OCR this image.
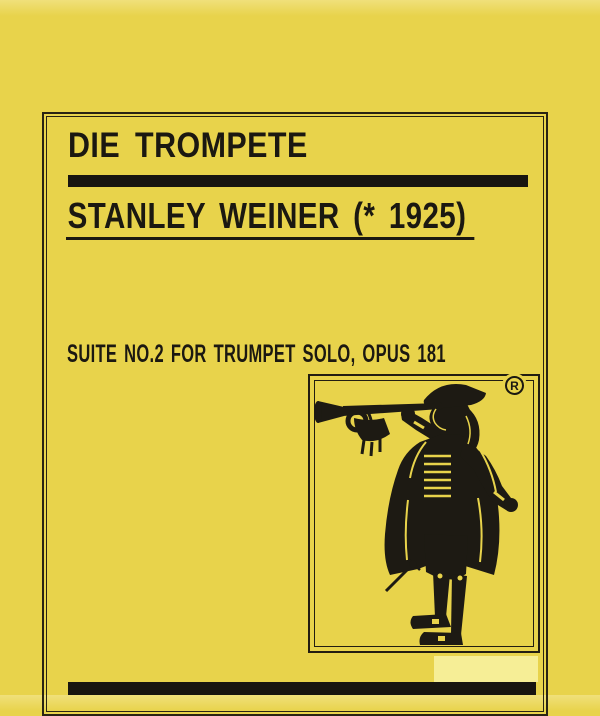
DIE TROMPETE
STANLEY WEINER (* 1925)
SUITE NO.2 FOR TRUMPET SOLO, OPUS 181
R
